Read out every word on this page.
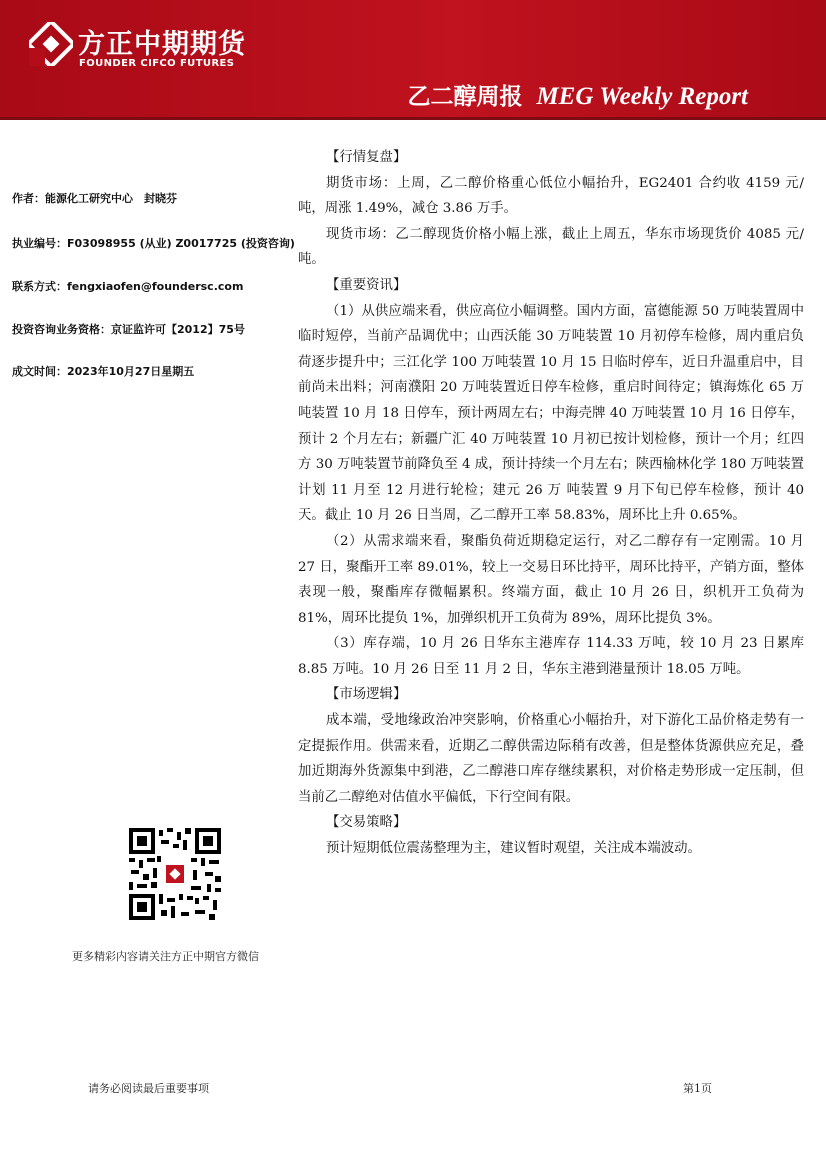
方正中期期货
FOUNDER CIFCO FUTURES
乙二醇周报 MEG Weekly Report
作者：能源化工研究中心　封晓芬
执业编号：F03098955 (从业) Z0017725 (投资咨询)
联系方式：fengxiaofen@foundersc.com
投资咨询业务资格：京证监许可【2012】75号
成文时间：2023年10月27日星期五
更多精彩内容请关注方正中期官方微信
【行情复盘】

期货市场：上周，乙二醇价格重心低位小幅抬升，EG2401 合约收 4159 元/吨，周涨 1.49%，减仓 3.86 万手。

现货市场：乙二醇现货价格小幅上涨，截止上周五，华东市场现货价 4085 元/吨。

【重要资讯】

（1）从供应端来看，供应高位小幅调整。国内方面，富德能源 50 万吨装置周中临时短停，当前产品调优中；山西沃能 30 万吨装置 10 月初停车检修，周内重启负荷逐步提升中；三江化学 100 万吨装置 10 月 15 日临时停车，近日升温重启中，目前尚未出料；河南濮阳 20 万吨装置近日停车检修，重启时间待定；镇海炼化 65 万吨装置 10 月 18 日停车，预计两周左右；中海壳牌 40 万吨装置 10 月 16 日停车，预计 2 个月左右；新疆广汇 40 万吨装置 10 月初已按计划检修，预计一个月；红四方 30 万吨装置节前降负至 4 成，预计持续一个月左右；陕西榆林化学 180 万吨装置计划 11 月至 12 月进行轮检；建元 26 万 吨装置 9 月下旬已停车检修，预计 40 天。截止 10 月 26 日当周，乙二醇开工率 58.83%，周环比上升 0.65%。

（2）从需求端来看，聚酯负荷近期稳定运行，对乙二醇存有一定刚需。10 月 27 日，聚酯开工率 89.01%，较上一交易日环比持平，周环比持平，产销方面，整体表现一般，聚酯库存微幅累积。终端方面，截止 10 月 26 日，织机开工负荷为 81%，周环比提负 1%，加弹织机开工负荷为 89%，周环比提负 3%。

（3）库存端，10 月 26 日华东主港库存 114.33 万吨，较 10 月 23 日累库 8.85 万吨。10 月 26 日至 11 月 2 日，华东主港到港量预计 18.05 万吨。

【市场逻辑】

成本端，受地缘政治冲突影响，价格重心小幅抬升，对下游化工品价格走势有一定提振作用。供需来看，近期乙二醇供需边际稍有改善，但是整体货源供应充足，叠加近期海外货源集中到港，乙二醇港口库存继续累积，对价格走势形成一定压制，但当前乙二醇绝对估值水平偏低，下行空间有限。

【交易策略】

预计短期低位震荡整理为主，建议暂时观望，关注成本端波动。

请务必阅读最后重要事项	第1页
